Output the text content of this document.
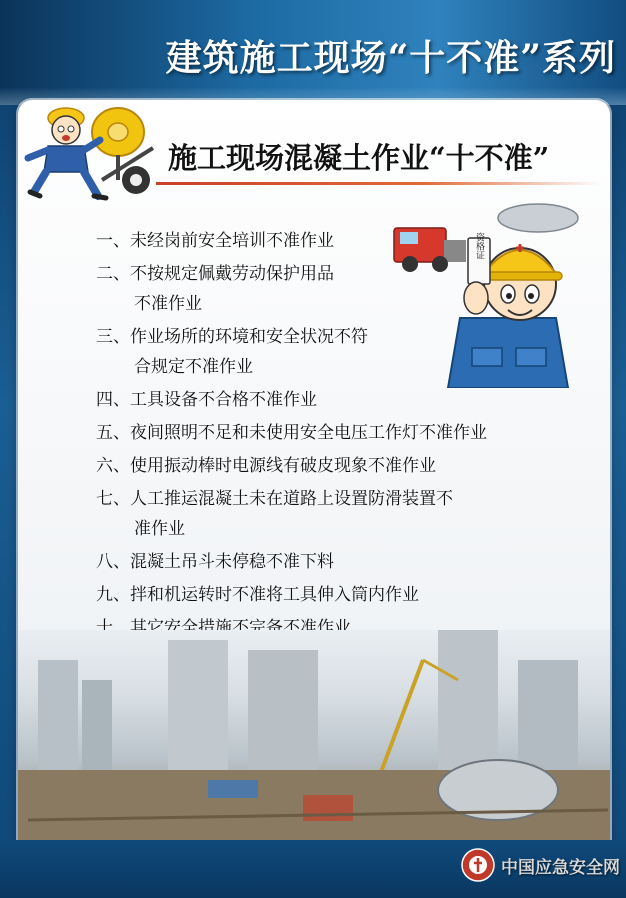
建筑施工现场“十不准”系列
施工现场混凝土作业“十不准”
资格证
一、未经岗前安全培训不准作业
二、不按规定佩戴劳动保护用品
不准作业
三、作业场所的环境和安全状况不符
合规定不准作业
四、工具设备不合格不准作业
五、夜间照明不足和未使用安全电压工作灯不准作业
六、使用振动棒时电源线有破皮现象不准作业
七、人工推运混凝土未在道路上设置防滑装置不
准作业
八、混凝土吊斗未停稳不准下料
九、拌和机运转时不准将工具伸入筒内作业
十、其它安全措施不完备不准作业
中国应急安全网
